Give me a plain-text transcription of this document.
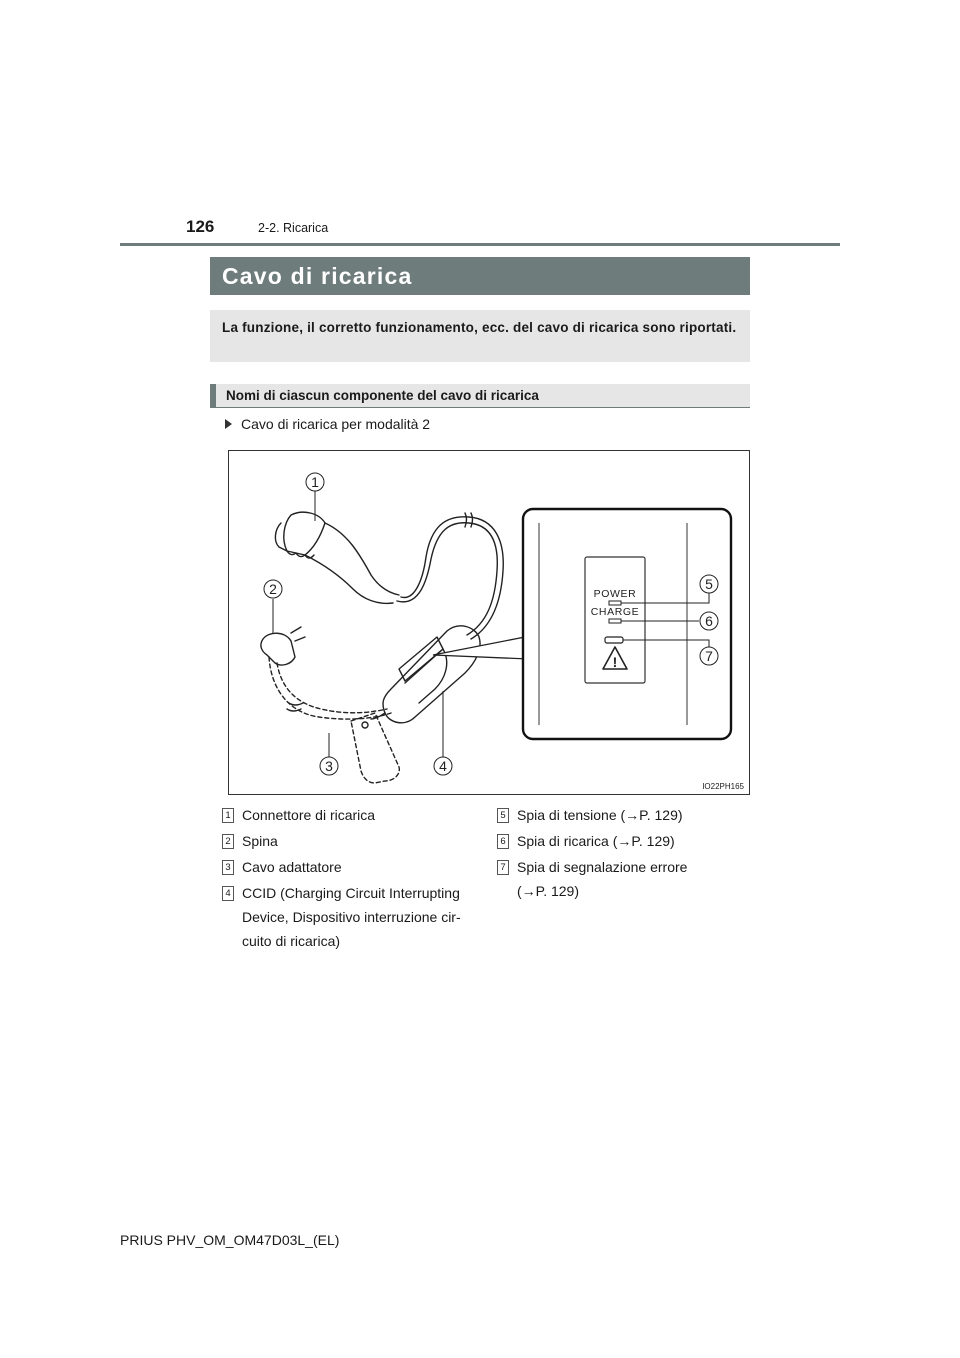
126	2-2. Ricarica
Cavo di ricarica
La funzione, il corretto funzionamento, ecc. del cavo di ricarica sono riportati.
Nomi di ciascun componente del cavo di ricarica
Cavo di ricarica per modalità 2
POWER
CHARGE
!
1
2
3	4
5
6
7
IO22PH165
1 Connettore di ricarica
2 Spina
3 Cavo adattatore
4 CCID (Charging Circuit Interrupting
Device, Dispositivo interruzione cir-
cuito di ricarica)
5 Spia di tensione (→P. 129)
6 Spia di ricarica (→P. 129)
7 Spia di segnalazione errore
(→P. 129)
PRIUS PHV_OM_OM47D03L_(EL)
